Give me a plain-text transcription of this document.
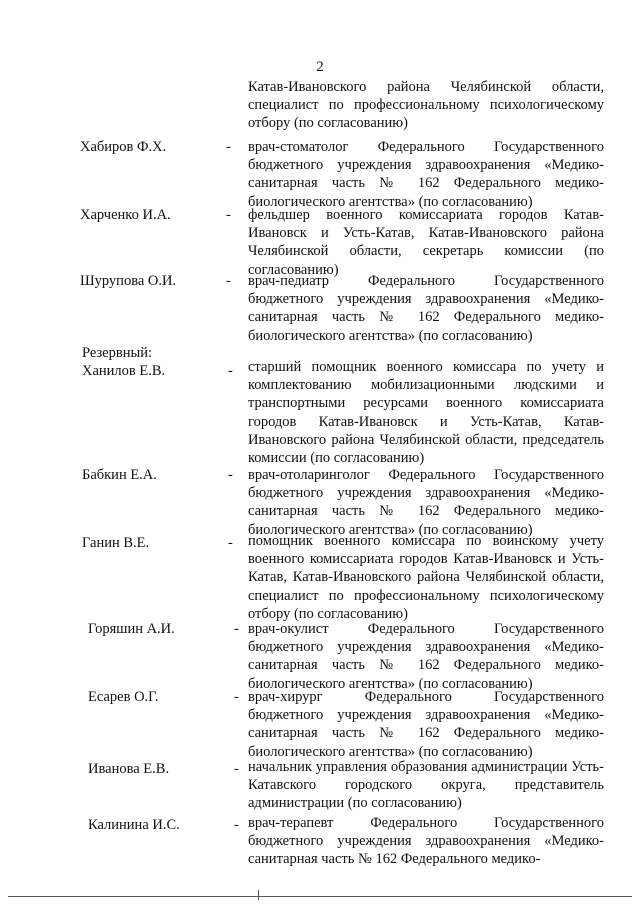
2
Катав-Ивановского района Челябинской области, специалист по профессиональному психологическому отбору (по согласованию)
Хабиров Ф.Х.	- врач-стоматолог Федерального Государственного бюджетного учреждения здравоохранения «Медико-санитарная часть № 162 Федерального медико-биологического агентства» (по согласованию)
Харченко И.А.	- фельдшер военного комиссариата городов Катав-Ивановск и Усть-Катав, Катав-Ивановского района Челябинской области, секретарь комиссии (по согласованию)
Шурупова О.И.	- врач-педиатр Федерального Государственного бюджетного учреждения здравоохранения «Медико-санитарная часть № 162 Федерального медико-биологического агентства» (по согласованию)
Резервный:
Ханилов Е.В.	- старший помощник военного комиссара по учету и комплектованию мобилизационными людскими и транспортными ресурсами военного комиссариата городов Катав-Ивановск и Усть-Катав, Катав-Ивановского района Челябинской области, председатель комиссии (по согласованию)
Бабкин Е.А.	- врач-отоларинголог Федерального Государственного бюджетного учреждения здравоохранения «Медико-санитарная часть № 162 Федерального медико-биологического агентства» (по согласованию)
Ганин В.Е.	- помощник военного комиссара по воинскому учету военного комиссариата городов Катав-Ивановск и Усть-Катав, Катав-Ивановского района Челябинской области, специалист по профессиональному психологическому отбору (по согласованию)
Горяшин А.И.	- врач-окулист Федерального Государственного бюджетного учреждения здравоохранения «Медико-санитарная часть № 162 Федерального медико-биологического агентства» (по согласованию)
Есарев О.Г.	- врач-хирург Федерального Государственного бюджетного учреждения здравоохранения «Медико-санитарная часть № 162 Федерального медико-биологического агентства» (по согласованию)
Иванова Е.В.	- начальник управления образования администрации Усть-Катавского городского округа, представитель администрации (по согласованию)
Калинина И.С.	- врач-терапевт Федерального Государственного бюджетного учреждения здравоохранения «Медико-санитарная часть № 162 Федерального медико-
